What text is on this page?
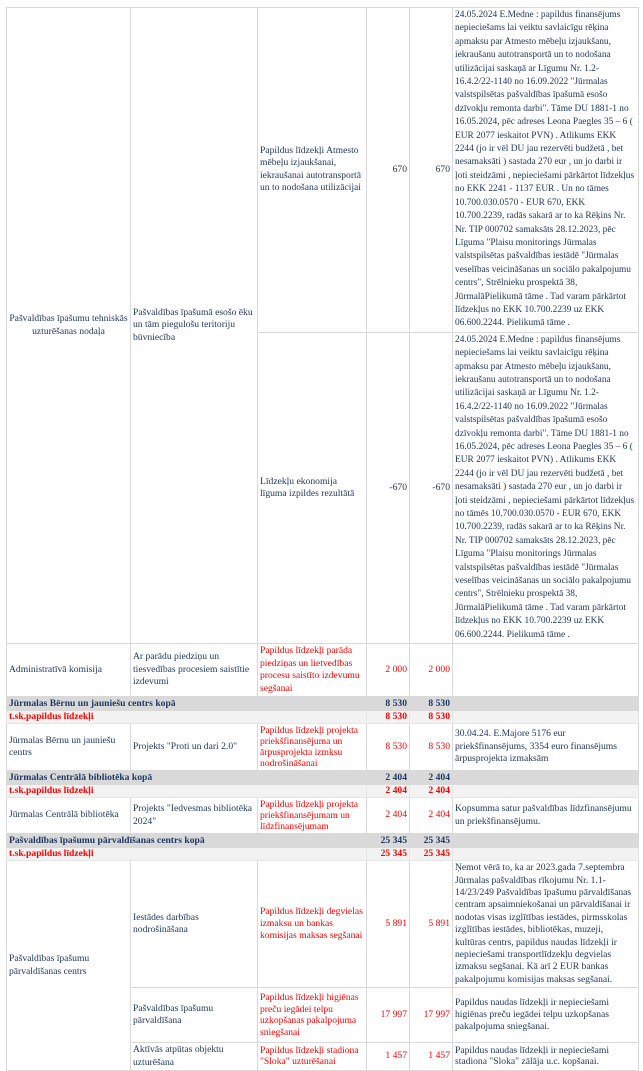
Pašvaldības īpašumu tehniskās uzturēšanas nodaļa	Pašvaldības īpašumā esošo ēku un tām piegulošu teritoriju būvniecība	Papildus līdzekļi Atmesto mēbeļu izjaukšanai, iekraušanai autotransportā un to nodošana utilizācijai	670	670	24.05.2024 E.Medne : papildus finansējums nepieciešams lai veiktu savlaicīgu rēķina apmaksu par Atmesto mēbeļu izjaukšanu, iekraušanu autotransportā un to nodošana utilizācijai saskaņā ar Līgumu Nr. 1.2-16.4.2/22-1140 no 16.09.2022 "Jūrmalas valstspilsētas pašvaldības īpašumā esošo dzīvokļu remonta darbi". Tāme DU 1881-1 no 16.05.2024, pēc adreses Leona Paegles 35 – 6 ( EUR 2077 ieskaitot PVN) . Atlikums EKK 2244 (jo ir vēl DU jau rezervēti budžetā , bet nesamaksāti ) sastada 270 eur , un jo darbi ir ļoti steidzāmi , nepieciešami pārkārtot līdzekļus no EKK 2241 - 1137 EUR . Un no tāmes 10.700.030.0570 - EUR 670, EKK 10.700.2239, radās sakarā ar to ka Rēķins Nr. Nr. TIP 000702 samaksāts 28.12.2023, pēc Līguma "Plaisu monitorings Jūrmalas valstspilsētas pašvaldības iestādē "Jūrmalas veselības veicināšanas un sociālo pakalpojumu centrs", Strēlnieku prospektā 38, JūrmalāPielikumā tāme . Tad varam pārkārtot līdzekļus no EKK 10.700.2239 uz EKK 06.600.2244. Pielikumā tāme .
		Līdzekļu ekonomija līguma izpildes rezultātā	-670	-670	24.05.2024 E.Medne : papildus finansējums nepieciešams lai veiktu savlaicīgu rēķina apmaksu par Atmesto mēbeļu izjaukšanu, iekraušanu autotransportā un to nodošana utilizācijai saskaņā ar Līgumu Nr. 1.2-16.4.2/22-1140 no 16.09.2022 "Jūrmalas valstspilsētas pašvaldības īpašumā esošo dzīvokļu remonta darbi". Tāme DU 1881-1 no 16.05.2024, pēc adreses Leona Paegles 35 – 6 ( EUR 2077 ieskaitot PVN) . Atlikums EKK 2244 (jo ir vēl DU jau rezervēti budžetā , bet nesamaksāti ) sastada 270 eur , un jo darbi ir ļoti steidzāmi , nepieciešami pārkārtot līdzekļus no tāmēs 10.700.030.0570 - EUR 670, EKK 10.700.2239, radās sakarā ar to ka Rēķins Nr. Nr. TIP 000702 samaksāts 28.12.2023, pēc Līguma "Plaisu monitorings Jūrmalas valstspilsētas pašvaldības iestādē "Jūrmalas veselības veicināšanas un sociālo pakalpojumu centrs", Strēlnieku prospektā 38, JūrmalāPielikumā tāme . Tad varam pārkārtot līdzekļus no EKK 10.700.2239 uz EKK 06.600.2244. Pielikumā tāme .
Administratīvā komisija	Ar parādu piedziņu un tiesvedības procesiem saistītie izdevumi	Papildus līdzekļi parāda piedziņas un lietvedības procesu saistīto izdevumu segšanai	2 000	2 000	
Jūrmalas Bērnu un jauniešu centrs kopā			8 530	8 530	
t.sk.papildus līdzekļi			8 530	8 530	
Jūrmalas Bērnu un jauniešu centrs	Projekts "Proti un dari 2.0"	Papildus līdzekļi projekta priekšfinansējuma un ārpusprojekta izmksu nodrošināšanai	8 530	8 530	30.04.24. E.Majore 5176 eur priekšfinansējums, 3354 euro finansējums ārpusprojekta izmaksām
Jūrmalas Centrālā bibliotēka kopā			2 404	2 404	
t.sk.papildus līdzekļi			2 404	2 404	
Jūrmalas Centrālā bibliotēka	Projekts "Iedvesmas bibliotēka 2024"	Papildus līdzekļi projekta priekšfinansējumam un līdzfinansējumam	2 404	2 404	Kopsumma satur pašvaldības līdzfinansējumu un priekšfinansējumu.
Pašvaldības īpašumu pārvaldīšanas centrs kopā			25 345	25 345	
t.sk.papildus līdzekļi			25 345	25 345	
Pašvaldības īpašumu pārvaldīšanas centrs	Iestādes darbības nodrošināšana	Papildus līdzekļi degvielas izmaksu un bankas komisijas maksas segšanai	5 891	5 891	Ņemot vērā to, ka ar 2023.gada 7.septembra Jūrmalas pašvaldības rīkojumu Nr. 1.1-14/23/249 Pašvaldības īpašumu pārvaldīšanas centram apsaimniekošanai un pārvaldīšanai ir nodotas visas izglītības iestādes, pirmsskolas izglītības iestādes, bibliotēkas, muzeji, kultūras centrs, papildus naudas līdzekļi ir nepieciešami transportlīdzekļu degvielas izmaksu segšanai. Kā arī 2 EUR bankas pakalpojumu komisijas maksas segšanai.
	Pašvaldības īpašumu pārvaldīšana	Papildus līdzekļi higiēnas preču iegādei telpu uzkopšanas pakalpojuma sniegšanai	17 997	17 997	Papildus naudas līdzekļi ir nepieciešami higiēnas preču iegādei telpu uzkopšanas pakalpojuma sniegšanai.
	Aktīvās atpūtas objektu uzturēšana	Papildus līdzekļi stadiona "Sloka" uzturēšanai	1 457	1 457	Papildus naudas līdzekļi ir nepieciešami stadiona "Sloka" zālāja u.c. kopšanai.
